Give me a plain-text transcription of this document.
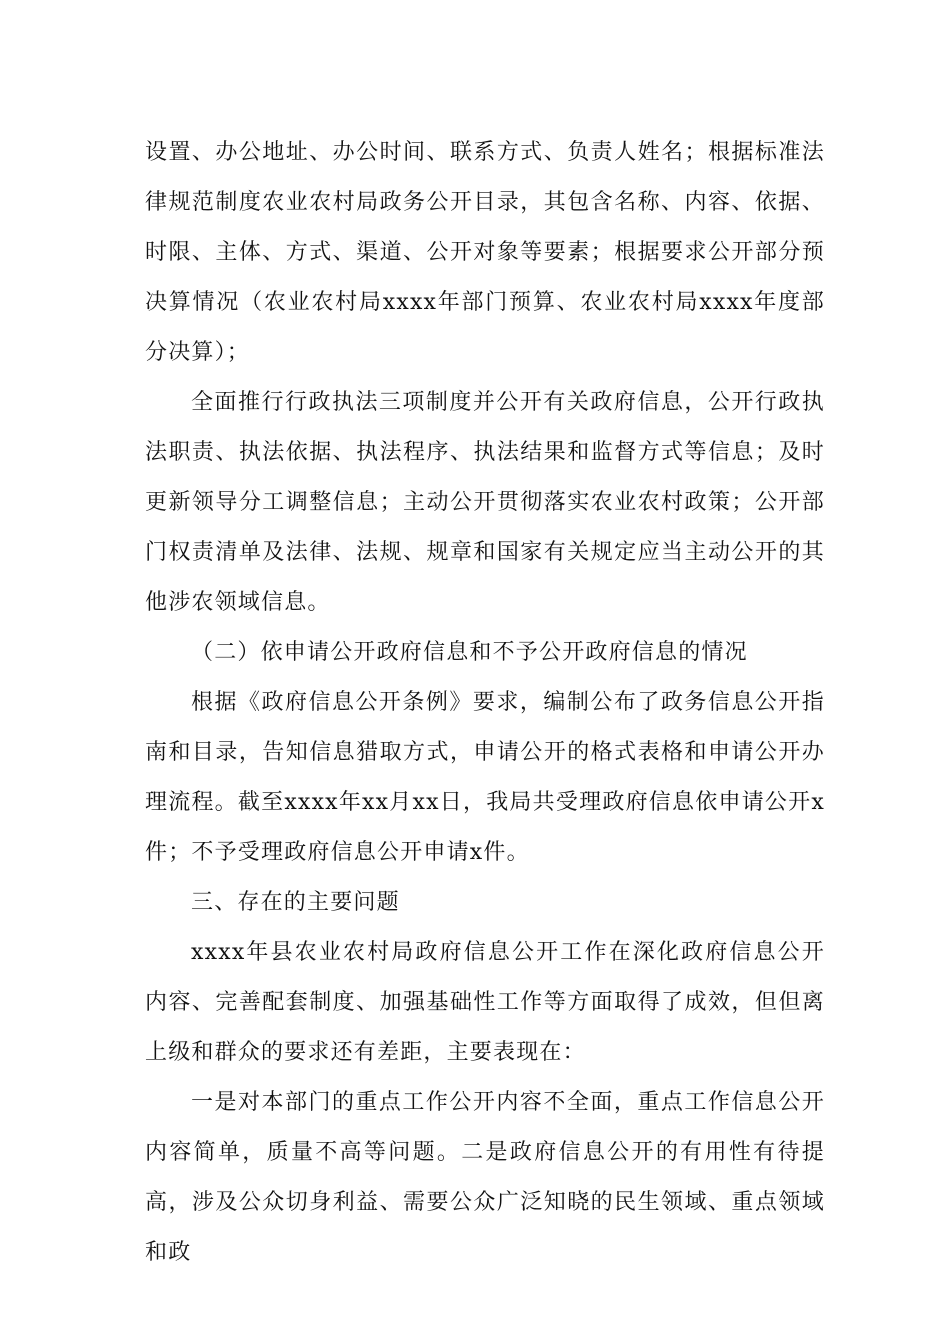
设置、办公地址、办公时间、联系方式、负责人姓名；根据标准法律规范制度农业农村局政务公开目录，其包含名称、内容、依据、时限、主体、方式、渠道、公开对象等要素；根据要求公开部分预决算情况（农业农村局xxxx年部门预算、农业农村局xxxx年度部分决算）；

全面推行行政执法三项制度并公开有关政府信息，公开行政执法职责、执法依据、执法程序、执法结果和监督方式等信息；及时更新领导分工调整信息；主动公开贯彻落实农业农村政策；公开部门权责清单及法律、法规、规章和国家有关规定应当主动公开的其他涉农领域信息。

（二）依申请公开政府信息和不予公开政府信息的情况

根据《政府信息公开条例》要求，编制公布了政务信息公开指南和目录，告知信息猎取方式，申请公开的格式表格和申请公开办理流程。截至xxxx年xx月xx日，我局共受理政府信息依申请公开x件；不予受理政府信息公开申请x件。

三、存在的主要问题

xxxx年县农业农村局政府信息公开工作在深化政府信息公开内容、完善配套制度、加强基础性工作等方面取得了成效，但但离上级和群众的要求还有差距，主要表现在：

一是对本部门的重点工作公开内容不全面，重点工作信息公开内容简单，质量不高等问题。二是政府信息公开的有用性有待提高，涉及公众切身利益、需要公众广泛知晓的民生领域、重点领域和政
